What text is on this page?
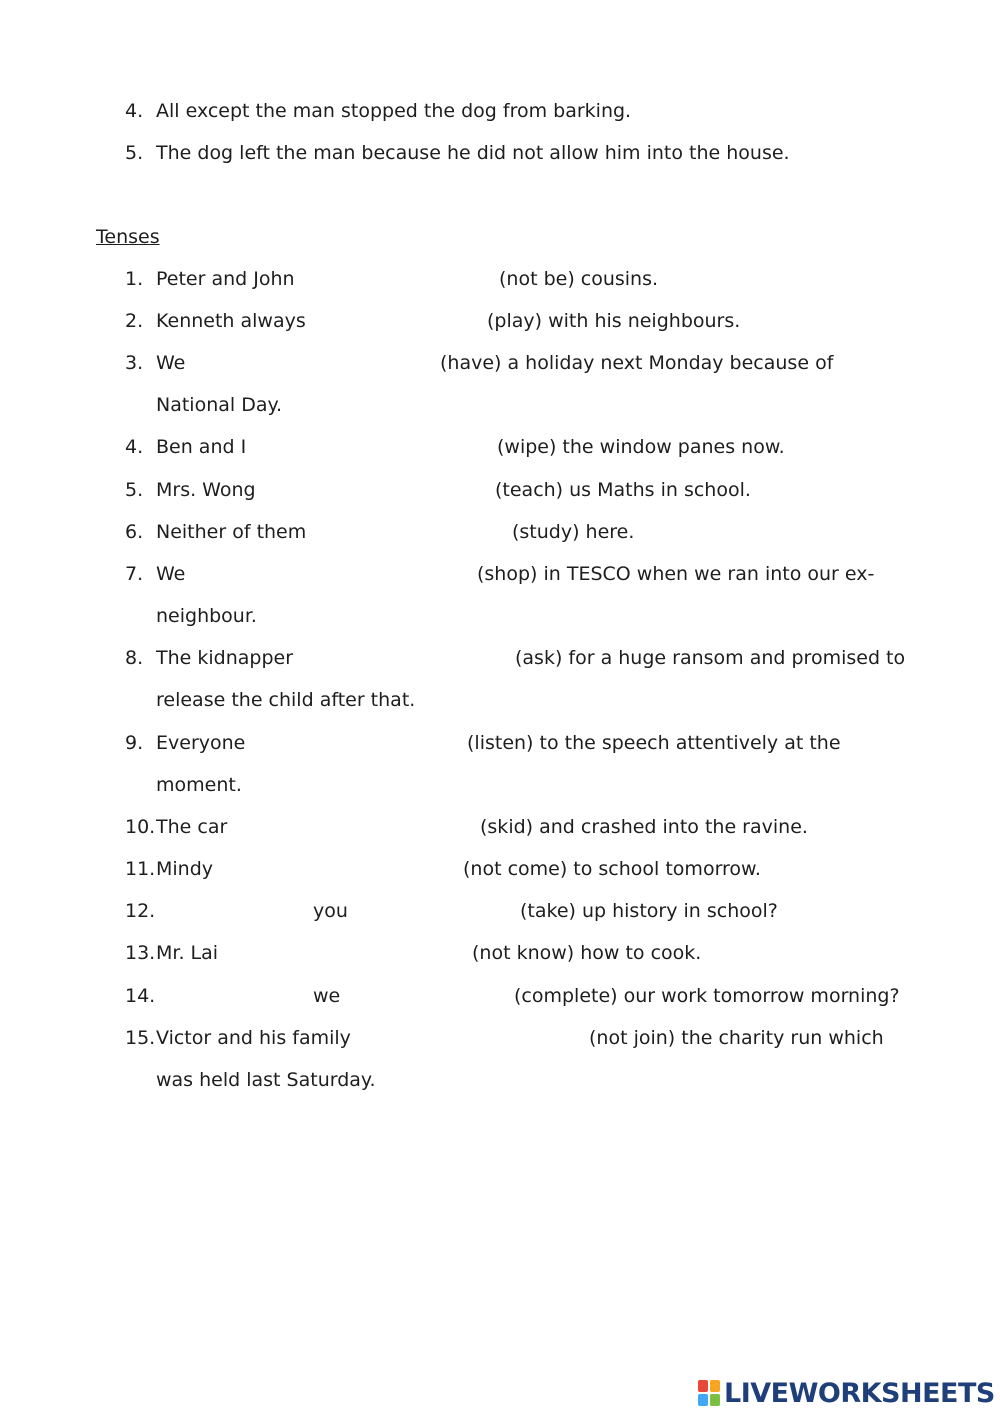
4. All except the man stopped the dog from barking.
5. The dog left the man because he did not allow him into the house.
Tenses
1. Peter and John	(not be) cousins.
2. Kenneth always	(play) with his neighbours.
3. We	(have) a holiday next Monday because of
National Day.
4. Ben and I	(wipe) the window panes now.
5. Mrs. Wong	(teach) us Maths in school.
6. Neither of them	(study) here.
7. We	(shop) in TESCO when we ran into our ex-
neighbour.
8. The kidnapper	(ask) for a huge ransom and promised to
release the child after that.
9. Everyone	(listen) to the speech attentively at the
moment.
10. The car	(skid) and crashed into the ravine.
11. Mindy	(not come) to school tomorrow.
12.	you	(take) up history in school?
13. Mr. Lai	(not know) how to cook.
14.	we	(complete) our work tomorrow morning?
15. Victor and his family	(not join) the charity run which
was held last Saturday.
LIVEWORKSHEETS
